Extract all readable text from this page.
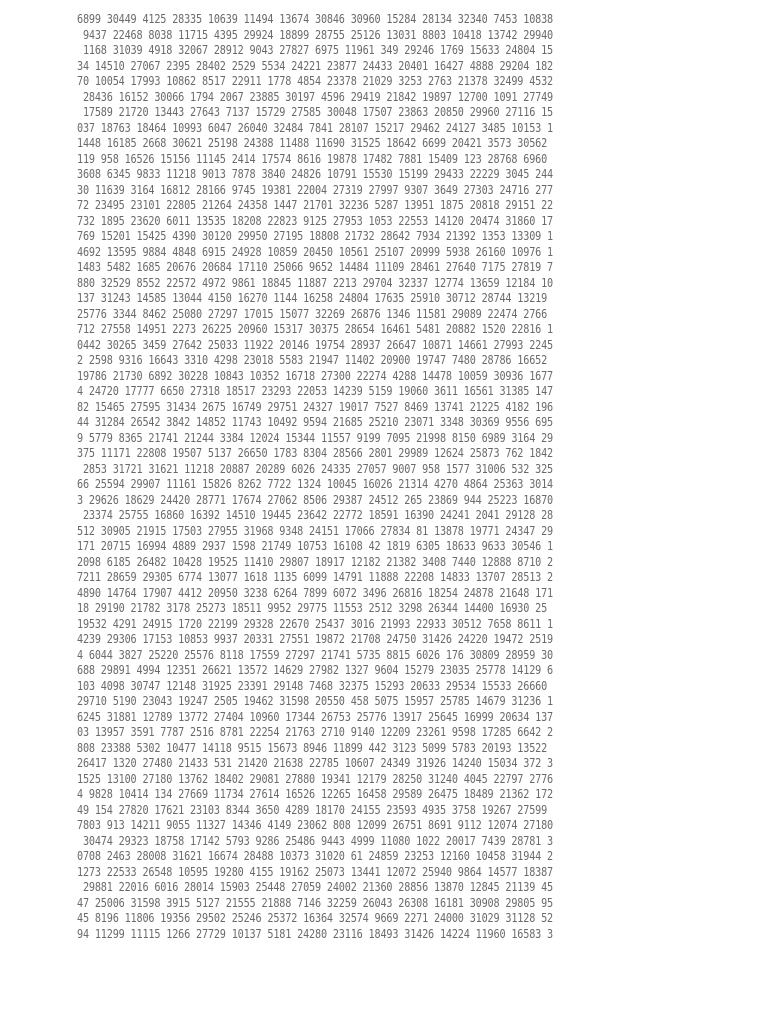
6899 30449 4125 28335 10639 11494 13674 30846 30960 15284 28134 32340 7453 10838
9437 22468 8038 11715 4395 29924 18899 28755 25126 13031 8803 10418 13742 29940
1168 31039 4918 32067 28912 9043 27827 6975 11961 349 29246 1769 15633 24804 15
34 14510 27067 2395 28402 2529 5534 24221 23877 24433 20401 16427 4888 29204 182
70 10054 17993 10862 8517 22911 1778 4854 23378 21029 3253 2763 21378 32499 4532
28436 16152 30066 1794 2067 23885 30197 4596 29419 21842 19897 12700 1091 27749
17589 21720 13443 27643 7137 15729 27585 30048 17507 23863 20850 29960 27116 15
037 18763 18464 10993 6047 26040 32484 7841 28107 15217 29462 24127 3485 10153 1
1448 16185 2668 30621 25198 24388 11488 11690 31525 18642 6699 20421 3573 30562
119 958 16526 15156 11145 2414 17574 8616 19878 17482 7881 15409 123 28768 6960
3608 6345 9833 11218 9013 7878 3840 24826 10791 15530 15199 29433 22229 3045 244
30 11639 3164 16812 28166 9745 19381 22004 27319 27997 9307 3649 27303 24716 277
72 23495 23101 22805 21264 24358 1447 21701 32236 5287 13951 1875 20818 29151 22
732 1895 23620 6011 13535 18208 22823 9125 27953 1053 22553 14120 20474 31860 17
769 15201 15425 4390 30120 29950 27195 18808 21732 28642 7934 21392 1353 13309 1
4692 13595 9884 4848 6915 24928 10859 20450 10561 25107 20999 5938 26160 10976 1
1483 5482 1685 20676 20684 17110 25066 9652 14484 11109 28461 27640 7175 27819 7
880 32529 8552 22572 4972 9861 18845 11887 2213 29704 32337 12774 13659 12184 10
137 31243 14585 13044 4150 16270 1144 16258 24804 17635 25910 30712 28744 13219
25776 3344 8462 25080 27297 17015 15077 32269 26876 1346 11581 29089 22474 2766
712 27558 14951 2273 26225 20960 15317 30375 28654 16461 5481 20882 1520 22816 1
0442 30265 3459 27642 25033 11922 20146 19754 28937 26647 10871 14661 27993 2245
2 2598 9316 16643 3310 4298 23018 5583 21947 11402 20900 19747 7480 28786 16652
19786 21730 6892 30228 10843 10352 16718 27300 22274 4288 14478 10059 30936 1677
4 24720 17777 6650 27318 18517 23293 22053 14239 5159 19060 3611 16561 31385 147
82 15465 27595 31434 2675 16749 29751 24327 19017 7527 8469 13741 21225 4182 196
44 31284 26542 3842 14852 11743 10492 9594 21685 25210 23071 3348 30369 9556 695
9 5779 8365 21741 21244 3384 12024 15344 11557 9199 7095 21998 8150 6989 3164 29
375 11171 22808 19507 5137 26650 1783 8304 28566 2801 29989 12624 25873 762 1842
2853 31721 31621 11218 20887 20289 6026 24335 27057 9007 958 1577 31006 532 325
66 25594 29907 11161 15826 8262 7722 1324 10045 16026 21314 4270 4864 25363 3014
3 29626 18629 24420 28771 17674 27062 8506 29387 24512 265 23869 944 25223 16870
23374 25755 16860 16392 14510 19445 23642 22772 18591 16390 24241 2041 29128 28
512 30905 21915 17503 27955 31968 9348 24151 17066 27834 81 13878 19771 24347 29
171 20715 16994 4889 2937 1598 21749 10753 16108 42 1819 6305 18633 9633 30546 1
2098 6185 26482 10428 19525 11410 29807 18917 12182 21382 3408 7440 12888 8710 2
7211 28659 29305 6774 13077 1618 1135 6099 14791 11888 22208 14833 13707 28513 2
4890 14764 17907 4412 20950 3238 6264 7899 6072 3496 26816 18254 24878 21648 171
18 29190 21782 3178 25273 18511 9952 29775 11553 2512 3298 26344 14400 16930 25
19532 4291 24915 1720 22199 29328 22670 25437 3016 21993 22933 30512 7658 8611 1
4239 29306 17153 10853 9937 20331 27551 19872 21708 24750 31426 24220 19472 2519
4 6044 3827 25220 25576 8118 17559 27297 21741 5735 8815 6026 176 30809 28959 30
688 29891 4994 12351 26621 13572 14629 27982 1327 9604 15279 23035 25778 14129 6
103 4098 30747 12148 31925 23391 29148 7468 32375 15293 20633 29534 15533 26660
29710 5190 23043 19247 2505 19462 31598 20550 458 5075 15957 25785 14679 31236 1
6245 31881 12789 13772 27404 10960 17344 26753 25776 13917 25645 16999 20634 137
03 13957 3591 7787 2516 8781 22254 21763 2710 9140 12209 23261 9598 17285 6642 2
808 23388 5302 10477 14118 9515 15673 8946 11899 442 3123 5099 5783 20193 13522
26417 1320 27480 21433 531 21420 21638 22785 10607 24349 31926 14240 15034 372 3
1525 13100 27180 13762 18402 29081 27880 19341 12179 28250 31240 4045 22797 2776
4 9828 10414 134 27669 11734 27614 16526 12265 16458 29589 26475 18489 21362 172
49 154 27820 17621 23103 8344 3650 4289 18170 24155 23593 4935 3758 19267 27599
7803 913 14211 9055 11327 14346 4149 23062 808 12099 26751 8691 9112 12074 27180
30474 29323 18758 17142 5793 9286 25486 9443 4999 11080 1022 20017 7439 28781 3
0708 2463 28008 31621 16674 28488 10373 31020 61 24859 23253 12160 10458 31944 2
1273 22533 26548 10595 19280 4155 19162 25073 13441 12072 25940 9864 14577 18387
29881 22016 6016 28014 15903 25448 27059 24002 21360 28856 13870 12845 21139 45
47 25006 31598 3915 5127 21555 21888 7146 32259 26043 26308 16181 30908 29805 95
45 8196 11806 19356 29502 25246 25372 16364 32574 9669 2271 24000 31029 31128 52
94 11299 11115 1266 27729 10137 5181 24280 23116 18493 31426 14224 11960 16583 3
